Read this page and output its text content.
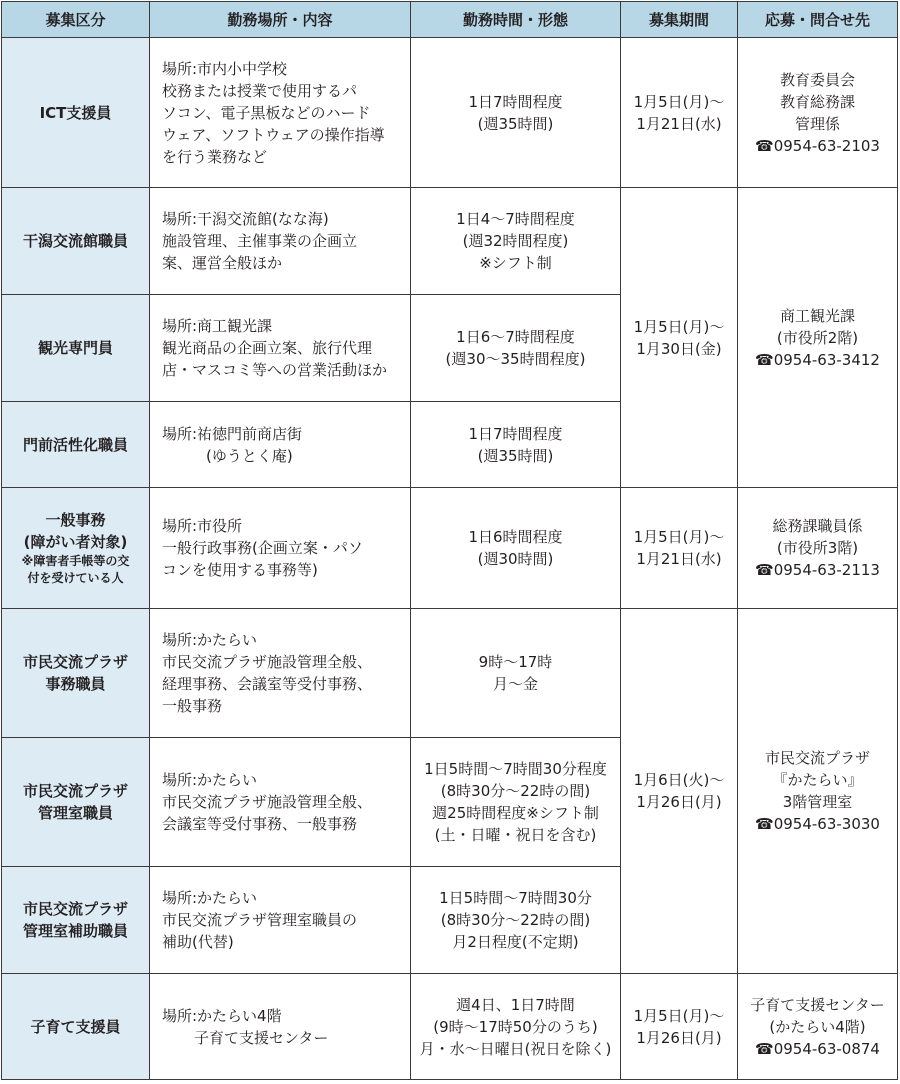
募集区分	勤務場所・内容	勤務時間・形態	募集期間	応募・問合せ先

ICT支援員	場所:市内小中学校
校務または授業で使用するパ
ソコン、電子黒板などのハード
ウェア、ソフトウェアの操作指導
を行う業務など	1日7時間程度
(週35時間)	1月5日(月)～
1月21日(水)	教育委員会
教育総務課
管理係
☎0954-63-2103

干潟交流館職員	場所:干潟交流館(なな海)
施設管理、主催事業の企画立
案、運営全般ほか	1日4～7時間程度
(週32時間程度)
※シフト制	1月5日(月)～
1月30日(金)	商工観光課
(市役所2階)
☎0954-63-3412

観光専門員	場所:商工観光課
観光商品の企画立案、旅行代理
店・マスコミ等への営業活動ほか	1日6～7時間程度
(週30～35時間程度)		

門前活性化職員	場所:祐徳門前商店街
(ゆうとく庵)	1日7時間程度
(週35時間)		

一般事務
(障がい者対象)
※障害者手帳等の交
付を受けている人	場所:市役所
一般行政事務(企画立案・パソ
コンを使用する事務等)	1日6時間程度
(週30時間)	1月5日(月)～
1月21日(水)	総務課職員係
(市役所3階)
☎0954-63-2113

市民交流プラザ
事務職員	場所:かたらい
市民交流プラザ施設管理全般、
経理事務、会議室等受付事務、
一般事務	9時～17時
月～金	1月6日(火)～
1月26日(月)	市民交流プラザ
『かたらい』
3階管理室
☎0954-63-3030

市民交流プラザ
管理室職員	場所:かたらい
市民交流プラザ施設管理全般、
会議室等受付事務、一般事務	1日5時間～7時間30分程度
(8時30分～22時の間)
週25時間程度※シフト制
(土・日曜・祝日を含む)		

市民交流プラザ
管理室補助職員	場所:かたらい
市民交流プラザ管理室職員の
補助(代替)	1日5時間～7時間30分
(8時30分～22時の間)
月2日程度(不定期)		

子育て支援員	場所:かたらい4階
子育て支援センター	週4日、1日7時間
(9時～17時50分のうち)
月・水～日曜日(祝日を除く)	1月5日(月)～
1月26日(月)	子育て支援センター
(かたらい4階)
☎0954-63-0874
